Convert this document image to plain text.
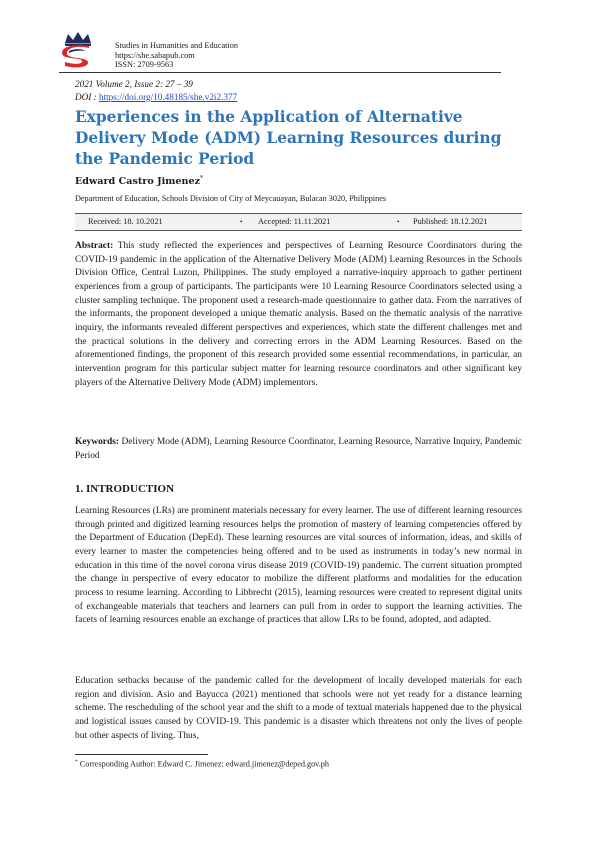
Studies in Humanities and Education
https://she.sabapub.com
ISSN: 2709-9563
2021 Volume 2, Issue 2: 27 – 39
DOI : https://doi.org/10.48185/she.v2i2.377
Experiences in the Application of Alternative Delivery Mode (ADM) Learning Resources during the Pandemic Period
Edward Castro Jimenez*
Department of Education, Schools Division of City of Meycauayan, Bulacan 3020, Philippines
Received: 18. 10.2021	• Accepted: 11.11.2021	• Published: 18.12.2021

Abstract: This study reflected the experiences and perspectives of Learning Resource Coordinators during the COVID-19 pandemic in the application of the Alternative Delivery Mode (ADM) Learning Resources in the Schools Division Office, Central Luzon, Philippines. The study employed a narrative-inquiry approach to gather pertinent experiences from a group of participants. The participants were 10 Learning Resource Coordinators selected using a cluster sampling technique. The proponent used a research-made questionnaire to gather data. From the narratives of the informants, the proponent developed a unique thematic analysis. Based on the thematic analysis of the narrative inquiry, the informants revealed different perspectives and experiences, which state the different challenges met and the practical solutions in the delivery and correcting errors in the ADM Learning Resources. Based on the aforementioned findings, the proponent of this research provided some essential recommendations, in particular, an intervention program for this particular subject matter for learning resource coordinators and other significant key players of the Alternative Delivery Mode (ADM) implementors.

Keywords: Delivery Mode (ADM), Learning Resource Coordinator, Learning Resource, Narrative Inquiry, Pandemic Period

1. INTRODUCTION

Learning Resources (LRs) are prominent materials necessary for every learner. The use of different learning resources through printed and digitized learning resources helps the promotion of mastery of learning competencies offered by the Department of Education (DepEd). These learning resources are vital sources of information, ideas, and skills of every learner to master the competencies being offered and to be used as instruments in today’s new normal in education in this time of the novel corona virus disease 2019 (COVID-19) pandemic. The current situation prompted the change in perspective of every educator to mobilize the different platforms and modalities for the education process to resume learning. According to Libbrecht (2015), learning resources were created to represent digital units of exchangeable materials that teachers and learners can pull from in order to support the learning activities. The facets of learning resources enable an exchange of practices that allow LRs to be found, adopted, and adapted.

Education setbacks because of the pandemic called for the development of locally developed materials for each region and division. Asio and Bayucca (2021) mentioned that schools were not yet ready for a distance learning scheme. The rescheduling of the school year and the shift to a mode of textual materials happened due to the physical and logistical issues caused by COVID-19. This pandemic is a disaster which threatens not only the lives of people but other aspects of living. Thus,

* Corresponding Author: Edward C. Jimenez: edward.jimenez@deped.gov.ph
